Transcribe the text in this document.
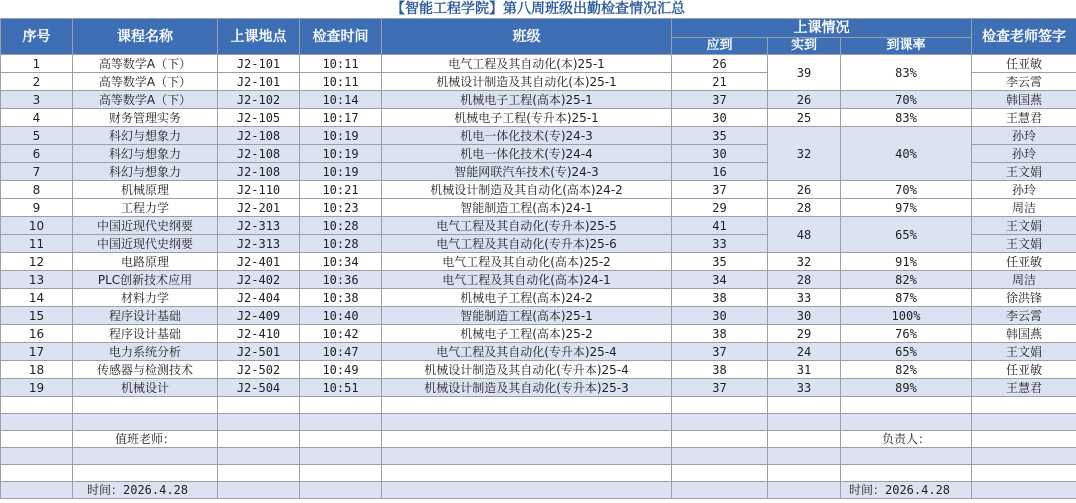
【智能工程学院】第八周班级出勤检查情况汇总
序号	课程名称	上课地点	检查时间	班级	上课情况			检查老师签字
					应到	实到	到课率	
1	高等数学A（下）	J2-101	10:11	电气工程及其自动化(本)25-1	26	39	83%	任亚敏
2	高等数学A（下）	J2-101	10:11	机械设计制造及其自动化(本)25-1	21			李云霄
3	高等数学A（下）	J2-102	10:14	机械电子工程(高本)25-1	37	26	70%	韩国燕
4	财务管理实务	J2-105	10:17	机械电子工程(专升本)25-1	30	25	83%	王慧君
5	科幻与想象力	J2-108	10:19	机电一体化技术(专)24-3	35	32	40%	孙玲
6	科幻与想象力	J2-108	10:19	机电一体化技术(专)24-4	30			孙玲
7	科幻与想象力	J2-108	10:19	智能网联汽车技术(专)24-3	16			王文娟
8	机械原理	J2-110	10:21	机械设计制造及其自动化(高本)24-2	37	26	70%	孙玲
9	工程力学	J2-201	10:23	智能制造工程(高本)24-1	29	28	97%	周洁
10	中国近现代史纲要	J2-313	10:28	电气工程及其自动化(专升本)25-5	41	48	65%	王文娟
11	中国近现代史纲要	J2-313	10:28	电气工程及其自动化(专升本)25-6	33			王文娟
12	电路原理	J2-401	10:34	电气工程及其自动化(高本)25-2	35	32	91%	任亚敏
13	PLC创新技术应用	J2-402	10:36	电气工程及其自动化(高本)24-1	34	28	82%	周洁
14	材料力学	J2-404	10:38	机械电子工程(高本)24-2	38	33	87%	徐洪锋
15	程序设计基础	J2-409	10:40	智能制造工程(高本)25-1	30	30	100%	李云霄
16	程序设计基础	J2-410	10:42	机械电子工程(高本)25-2	38	29	76%	韩国燕
17	电力系统分析	J2-501	10:47	电气工程及其自动化(专升本)25-4	37	24	65%	王文娟
18	传感器与检测技术	J2-502	10:49	机械设计制造及其自动化(专升本)25-4	38	31	82%	任亚敏
19	机械设计	J2-504	10:51	机械设计制造及其自动化(专升本)25-3	37	33	89%	王慧君

	值班老师：						负责人：	

	时间：2026.4.28						时间：2026.4.28	
